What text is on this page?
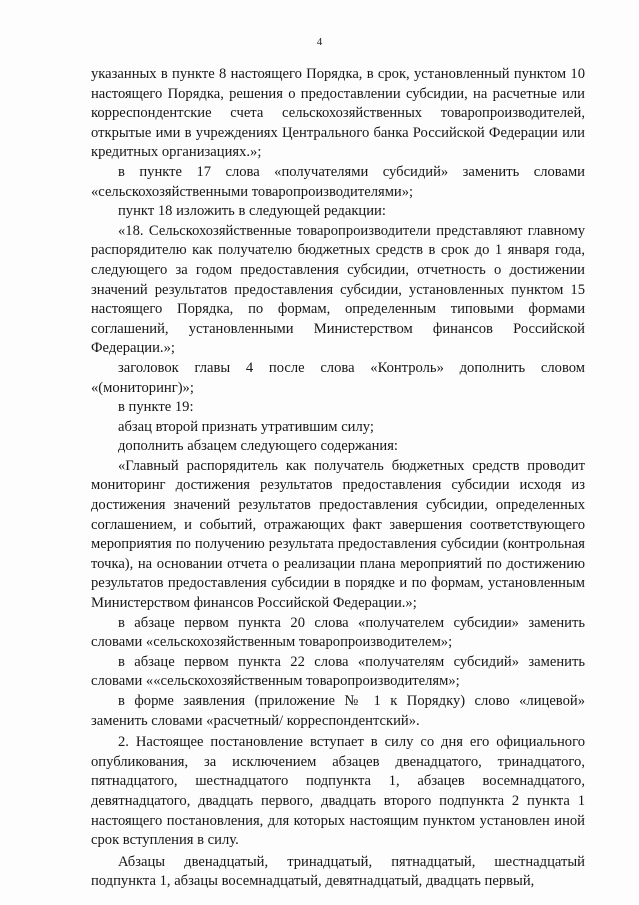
4

указанных в пункте 8 настоящего Порядка, в срок, установленный пунктом 10 настоящего Порядка, решения о предоставлении субсидии, на расчетные или корреспондентские счета сельскохозяйственных товаропроизводителей, открытые ими в учреждениях Центрального банка Российской Федерации или кредитных организациях.»;

в пункте 17 слова «получателями субсидий» заменить словами «сельскохозяйственными товаропроизводителями»;

пункт 18 изложить в следующей редакции:

«18. Сельскохозяйственные товаропроизводители представляют главному распорядителю как получателю бюджетных средств в срок до 1 января года, следующего за годом предоставления субсидии, отчетность о достижении значений результатов предоставления субсидии, установленных пунктом 15 настоящего Порядка, по формам, определенным типовыми формами соглашений, установленными Министерством финансов Российской Федерации.»;

заголовок главы 4 после слова «Контроль» дополнить словом «(мониторинг)»;

в пункте 19:

абзац второй признать утратившим силу;

дополнить абзацем следующего содержания:

«Главный распорядитель как получатель бюджетных средств проводит мониторинг достижения результатов предоставления субсидии исходя из достижения значений результатов предоставления субсидии, определенных соглашением, и событий, отражающих факт завершения соответствующего мероприятия по получению результата предоставления субсидии (контрольная точка), на основании отчета о реализации плана мероприятий по достижению результатов предоставления субсидии в порядке и по формам, установленным Министерством финансов Российской Федерации.»;

в абзаце первом пункта 20 слова «получателем субсидии» заменить словами «сельскохозяйственным товаропроизводителем»;

в абзаце первом пункта 22 слова «получателям субсидий» заменить словами ««сельскохозяйственным товаропроизводителям»;

в форме заявления (приложение № 1 к Порядку) слово «лицевой» заменить словами «расчетный/ корреспондентский».

2. Настоящее постановление вступает в силу со дня его официального опубликования, за исключением абзацев двенадцатого, тринадцатого, пятнадцатого, шестнадцатого подпункта 1, абзацев восемнадцатого, девятнадцатого, двадцать первого, двадцать второго подпункта 2 пункта 1 настоящего постановления, для которых настоящим пунктом установлен иной срок вступления в силу.

Абзацы двенадцатый, тринадцатый, пятнадцатый, шестнадцатый подпункта 1, абзацы восемнадцатый, девятнадцатый, двадцать первый,
